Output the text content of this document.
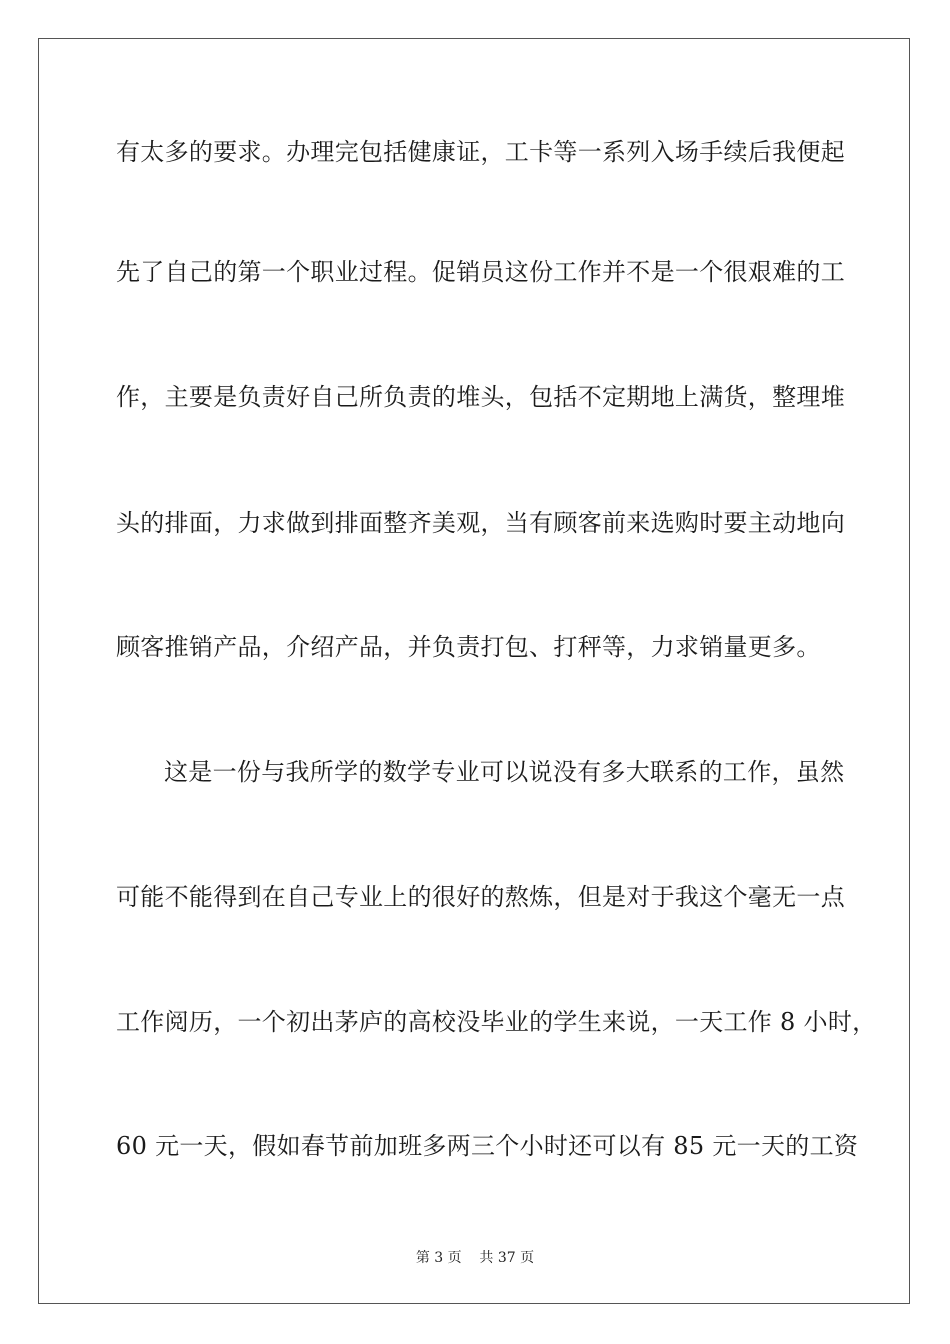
有太多的要求。办理完包括健康证，工卡等一系列入场手续后我便起
先了自己的第一个职业过程。促销员这份工作并不是一个很艰难的工
作，主要是负责好自己所负责的堆头，包括不定期地上满货，整理堆
头的排面，力求做到排面整齐美观，当有顾客前来选购时要主动地向
顾客推销产品，介绍产品，并负责打包、打秤等，力求销量更多。
这是一份与我所学的数学专业可以说没有多大联系的工作，虽然
可能不能得到在自己专业上的很好的熬炼，但是对于我这个毫无一点
工作阅历，一个初出茅庐的高校没毕业的学生来说，一天工作 8 小时，
60 元一天，假如春节前加班多两三个小时还可以有 85 元一天的工资
第 3 页    共 37 页
